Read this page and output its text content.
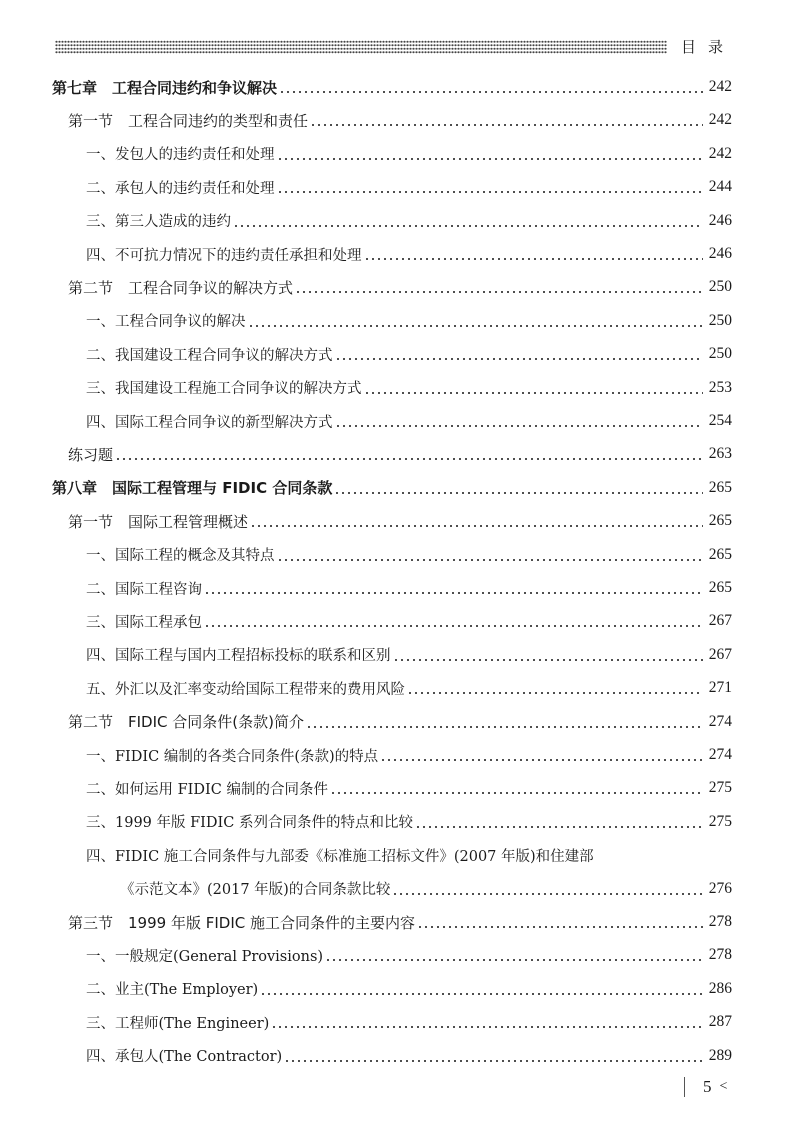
目录
第七章　工程合同违约和争议解决	242
第一节　工程合同违约的类型和责任	242
一、发包人的违约责任和处理	242
二、承包人的违约责任和处理	244
三、第三人造成的违约	246
四、不可抗力情况下的违约责任承担和处理	246
第二节　工程合同争议的解决方式	250
一、工程合同争议的解决	250
二、我国建设工程合同争议的解决方式	250
三、我国建设工程施工合同争议的解决方式	253
四、国际工程合同争议的新型解决方式	254
练习题	263
第八章　国际工程管理与 FIDIC 合同条款	265
第一节　国际工程管理概述	265
一、国际工程的概念及其特点	265
二、国际工程咨询	265
三、国际工程承包	267
四、国际工程与国内工程招标投标的联系和区别	267
五、外汇以及汇率变动给国际工程带来的费用风险	271
第二节　FIDIC 合同条件(条款)简介	274
一、FIDIC 编制的各类合同条件(条款)的特点	274
二、如何运用 FIDIC 编制的合同条件	275
三、1999 年版 FIDIC 系列合同条件的特点和比较	275
四、FIDIC 施工合同条件与九部委《标准施工招标文件》(2007 年版)和住建部
《示范文本》(2017 年版)的合同条款比较	276
第三节　1999 年版 FIDIC 施工合同条件的主要内容	278
一、一般规定(General Provisions)	278
二、业主(The Employer)	286
三、工程师(The Engineer)	287
四、承包人(The Contractor)	289
5 <
